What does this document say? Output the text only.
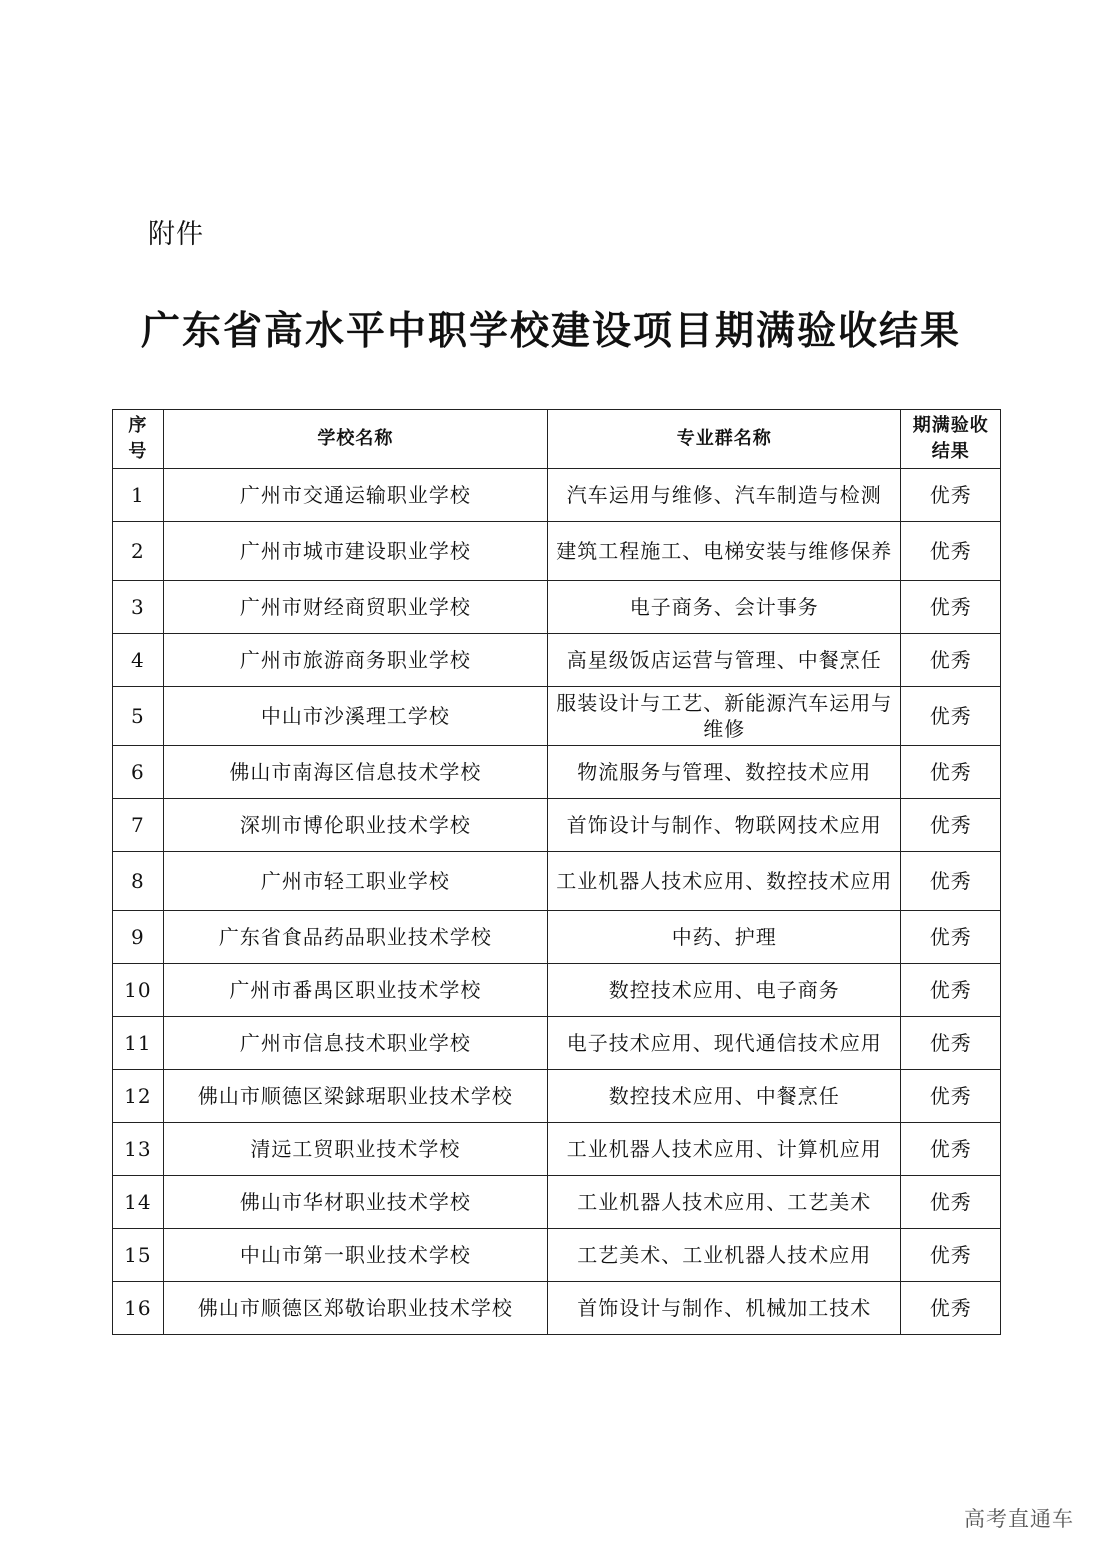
附件
广东省高水平中职学校建设项目期满验收结果
序号	学校名称	专业群名称	期满验收
结果

1	广州市交通运输职业学校	汽车运用与维修、汽车制造与检测	优秀
2	广州市城市建设职业学校	建筑工程施工、电梯安装与维修保养	优秀
3	广州市财经商贸职业学校	电子商务、会计事务	优秀
4	广州市旅游商务职业学校	高星级饭店运营与管理、中餐烹任	优秀
5	中山市沙溪理工学校	服装设计与工艺、新能源汽车运用与维修	优秀
6	佛山市南海区信息技术学校	物流服务与管理、数控技术应用	优秀
7	深圳市博伦职业技术学校	首饰设计与制作、物联网技术应用	优秀
8	广州市轻工职业学校	工业机器人技术应用、数控技术应用	优秀
9	广东省食品药品职业技术学校	中药、护理	优秀
10	广州市番禺区职业技术学校	数控技术应用、电子商务	优秀
11	广州市信息技术职业学校	电子技术应用、现代通信技术应用	优秀
12	佛山市顺德区梁銶琚职业技术学校	数控技术应用、中餐烹任	优秀
13	清远工贸职业技术学校	工业机器人技术应用、计算机应用	优秀
14	佛山市华材职业技术学校	工业机器人技术应用、工艺美术	优秀
15	中山市第一职业技术学校	工艺美术、工业机器人技术应用	优秀
16	佛山市顺德区郑敬诒职业技术学校	首饰设计与制作、机械加工技术	优秀
高考直通车
